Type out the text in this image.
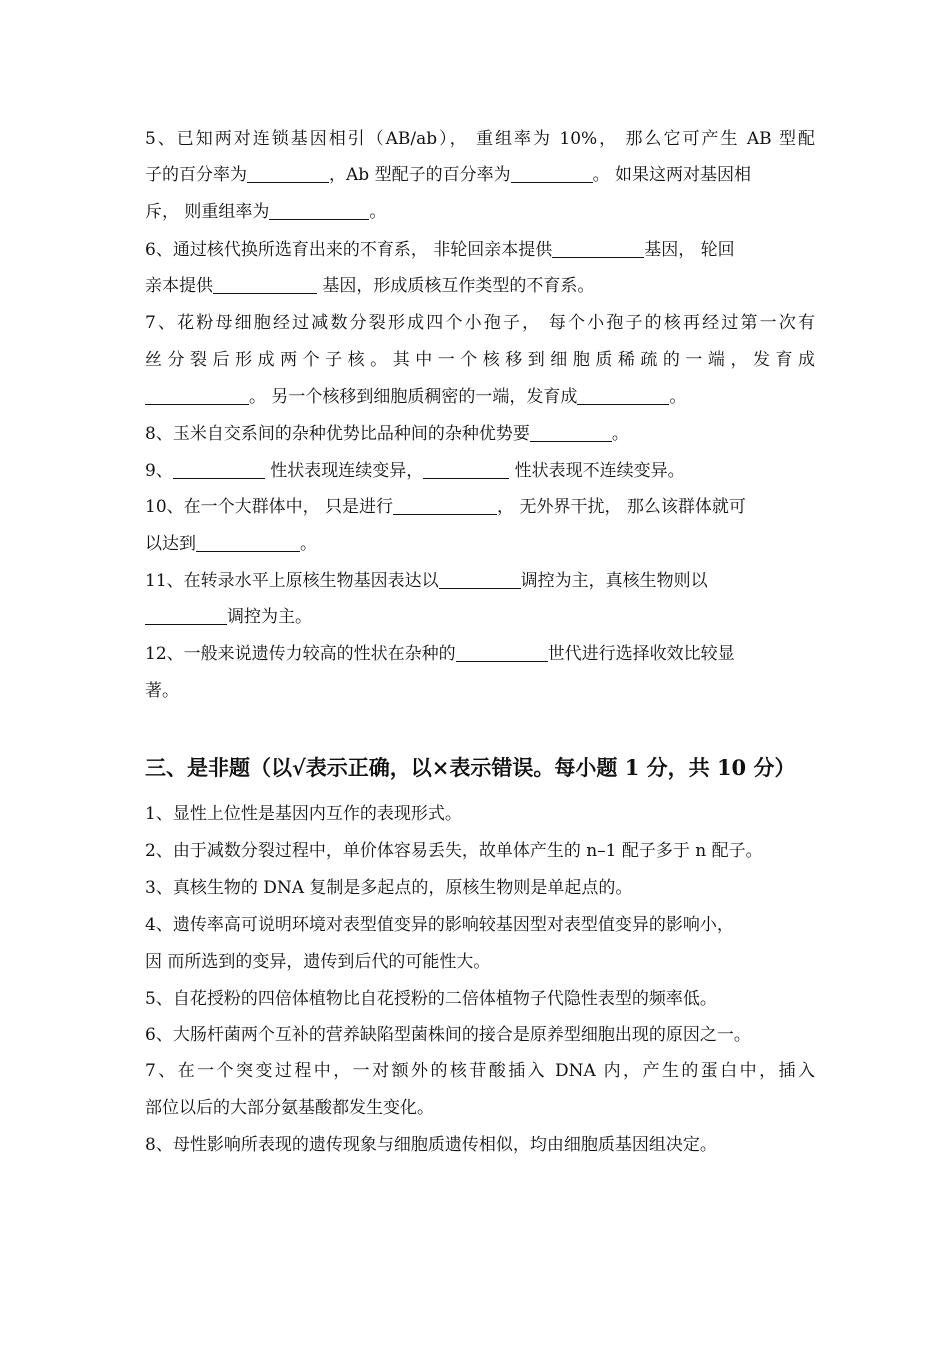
5、已知两对连锁基因相引（AB/ab）， 重组率为 10%， 那么它可产生 AB 型配
子的百分率为	，Ab 型配子的百分率为	。 如果这两对基因相
斥， 则重组率为	。
6、通过核代换所选育出来的不育系， 非轮回亲本提供	基因， 轮回
亲本提供	基因，形成质核互作类型的不育系。
7、花粉母细胞经过减数分裂形成四个小孢子， 每个小孢子的核再经过第一次有
丝分裂后形成两个子核。其中一个核移到细胞质稀疏的一端，发育成
。 另一个核移到细胞质稠密的一端，发育成	。
8、玉米自交系间的杂种优势比品种间的杂种优势要	。
9、	性状表现连续变异，	性状表现不连续变异。
10、在一个大群体中， 只是进行	， 无外界干扰， 那么该群体就可
以达到	。
11、在转录水平上原核生物基因表达以	调控为主，真核生物则以
调控为主。
12、一般来说遗传力较高的性状在杂种的	世代进行选择收效比较显
著。
三、是非题（以√表示正确，以×表示错误。每小题 1 分，共 10 分）
1、显性上位性是基因内互作的表现形式。
2、由于减数分裂过程中，单价体容易丢失，故单体产生的 n–1 配子多于 n 配子。
3、真核生物的 DNA 复制是多起点的，原核生物则是单起点的。
4、遗传率高可说明环境对表型值变异的影响较基因型对表型值变异的影响小，
因 而所选到的变异，遗传到后代的可能性大。
5、自花授粉的四倍体植物比自花授粉的二倍体植物子代隐性表型的频率低。
6、大肠杆菌两个互补的营养缺陷型菌株间的接合是原养型细胞出现的原因之一。
7、在一个突变过程中，一对额外的核苷酸插入 DNA 内，产生的蛋白中，插入
部位以后的大部分氨基酸都发生变化。
8、母性影响所表现的遗传现象与细胞质遗传相似，均由细胞质基因组决定。
